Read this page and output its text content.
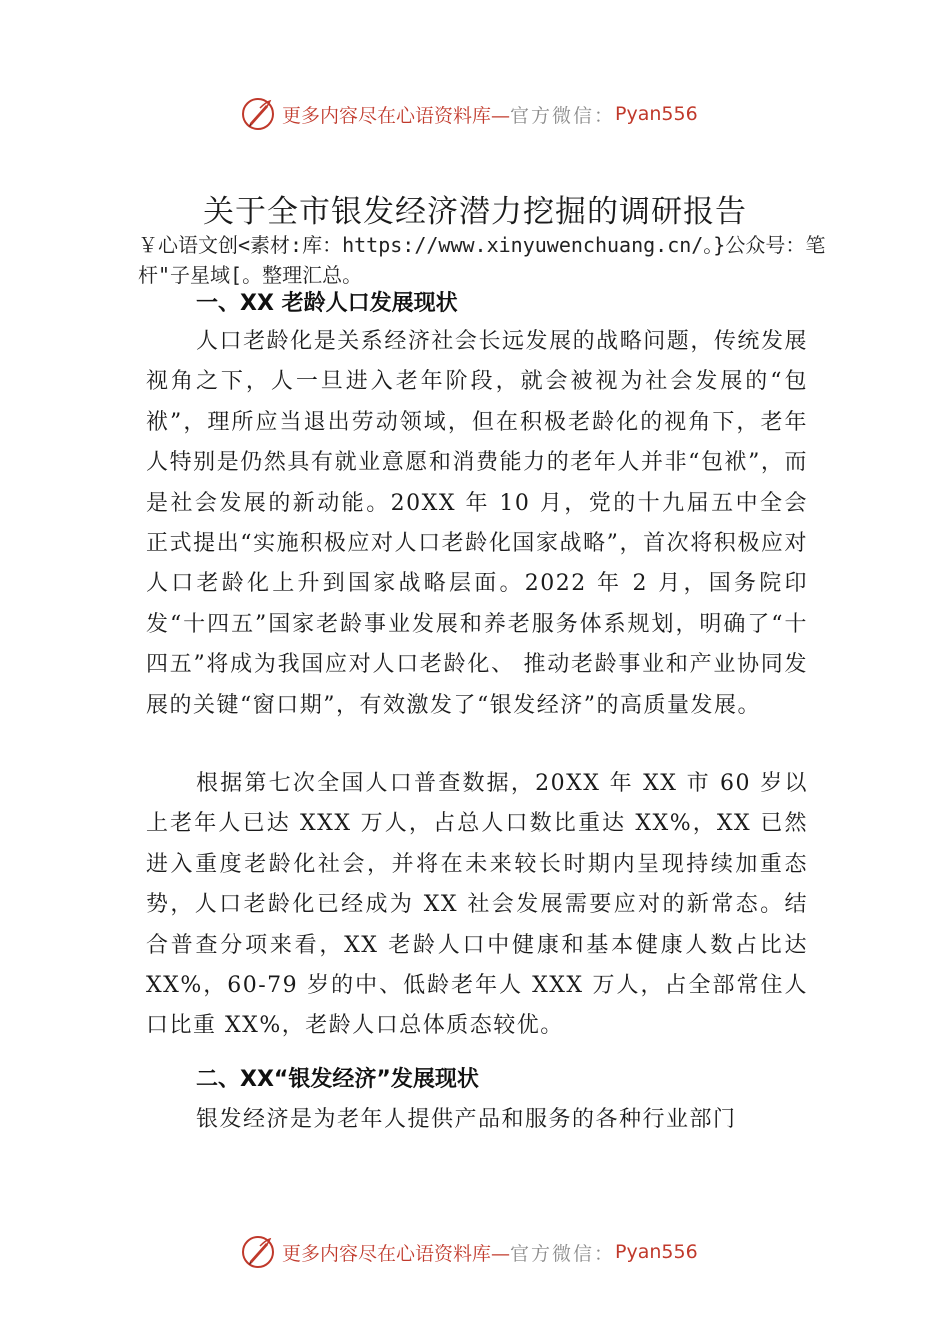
更多内容尽在心语资料库— 官方微信： Pyan556
关于全市银发经济潜力挖掘的调研报告
￥心语文创<素材:库：https://www.xinyuwenchuang.cn/。}公众号：笔杆"子星域[。整理汇总。
一、XX 老龄人口发展现状
人口老龄化是关系经济社会长远发展的战略问题，传统发展视角之下，人一旦进入老年阶段，就会被视为社会发展的“包袱”，理所应当退出劳动领域，但在积极老龄化的视角下，老年人特别是仍然具有就业意愿和消费能力的老年人并非“包袱”，而是社会发展的新动能。20XX 年 10 月，党的十九届五中全会正式提出“实施积极应对人口老龄化国家战略”，首次将积极应对人口老龄化上升到国家战略层面。2022 年 2 月，国务院印发“十四五”国家老龄事业发展和养老服务体系规划，明确了“十四五”将成为我国应对人口老龄化、 推动老龄事业和产业协同发展的关键“窗口期”，有效激发了“银发经济”的高质量发展。
根据第七次全国人口普查数据，20XX 年 XX 市 60 岁以上老年人已达 XXX 万人，占总人口数比重达 XX%，XX 已然进入重度老龄化社会，并将在未来较长时期内呈现持续加重态势，人口老龄化已经成为 XX 社会发展需要应对的新常态。结合普查分项来看，XX 老龄人口中健康和基本健康人数占比达 XX%，60-79 岁的中、低龄老年人 XXX 万人，占全部常住人口比重 XX%，老龄人口总体质态较优。
二、XX“银发经济”发展现状
银发经济是为老年人提供产品和服务的各种行业部门
更多内容尽在心语资料库— 官方微信： Pyan556
